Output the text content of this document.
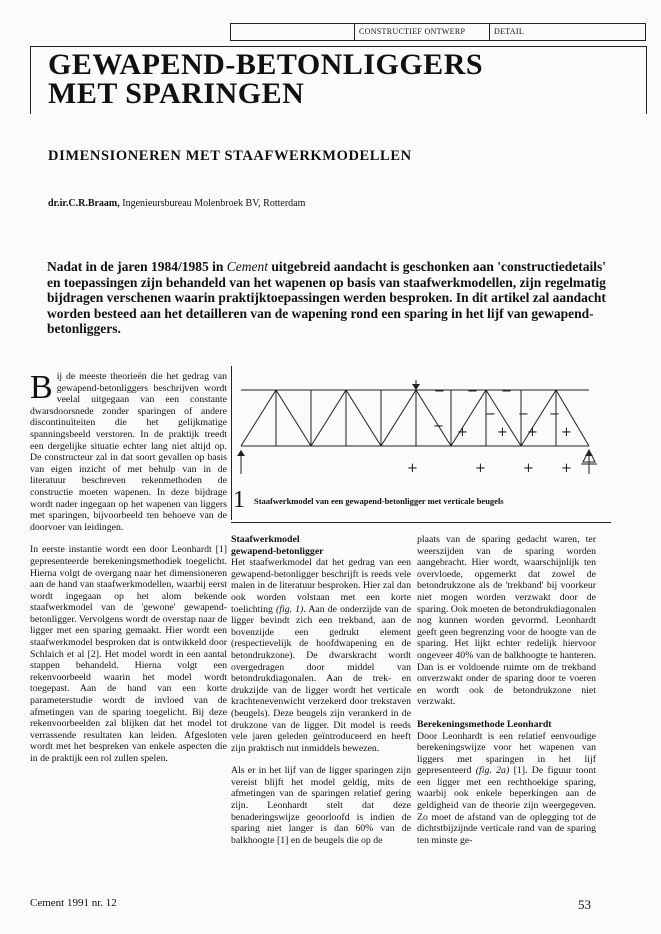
CONSTRUCTIEF ONTWERP	DETAIL
GEWAPEND-BETONLIGGERS
MET SPARINGEN
DIMENSIONEREN MET STAAFWERKMODELLEN
dr.ir.C.R.Braam, Ingenieursbureau Molenbroek BV, Rotterdam
Nadat in de jaren 1984/1985 in Cement uitgebreid aandacht is geschonken aan 'constructiedetails' en toepassingen zijn behandeld van het wapenen op basis van staafwerkmodellen, zijn regelmatig bijdragen verschenen waarin praktijktoepassingen werden besproken. In dit artikel zal aandacht worden besteed aan het detailleren van de wapening rond een sparing in het lijf van gewapend-betonliggers.

Bij de meeste theorieën die het gedrag van gewapend-betonliggers beschrijven wordt veelal uitgegaan van een constante dwarsdoorsnede zonder sparingen of andere discontinuïteiten die het gelijkmatige spanningsbeeld verstoren. In de praktijk treedt een dergelijke situatie echter lang niet altijd op. De constructeur zal in dat soort gevallen op basis van eigen inzicht of met behulp van in de literatuur beschreven rekenmethoden de constructie moeten wapenen. In deze bijdrage wordt nader ingegaan op het wapenen van liggers met sparingen, bijvoorbeeld ten behoeve van de doorvoer van leidingen.

In eerste instantie wordt een door Leonhardt [1] gepresenteerde berekeningsmethodiek toegelicht. Hierna volgt de overgang naar het dimensioneren aan de hand van staafwerkmodellen, waarbij eerst wordt ingegaan op het alom bekende staafwerkmodel van de 'gewone' gewapend-betonligger. Vervolgens wordt de overstap naar de ligger met een sparing gemaakt. Hier wordt een staafwerkmodel besproken dat is ontwikkeld door Schlaich et al [2]. Het model wordt in een aantal stappen behandeld. Hierna volgt een rekenvoorbeeld waarin het model wordt toegepast. Aan de hand van een korte parameterstudie wordt de invloed van de afmetingen van de sparing toegelicht. Bij deze rekenvoorbeelden zal blijken dat het model tot verrassende resultaten kan leiden. Afgesloten wordt met het bespreken van enkele aspecten die in de praktijk een rol zullen spelen.

− − −
−
− − −
+ + + +
+	+	+ +
1 Staafwerkmodel van een gewapend-betonligger met verticale beugels

Staafwerkmodel

gewapend-betonligger

Het staafwerkmodel dat het gedrag van een gewapend-betonligger beschrijft is reeds vele malen in de literatuur besproken. Hier zal dan ook worden volstaan met een korte toelichting (fig. 1). Aan de onderzijde van de ligger bevindt zich een trekband, aan de bovenzijde een gedrukt element (respectievelijk de hoofdwapening en de betondrukzone). De dwarskracht wordt overgedragen door middel van betondrukdiagonalen. Aan de trek- en drukzijde van de ligger wordt het verticale krachtenevenwicht verzekerd door trekstaven (beugels). Deze beugels zijn verankerd in de drukzone van de ligger. Dit model is reeds vele jaren geleden geïntroduceerd en heeft zijn praktisch nut inmiddels bewezen.

Als er in het lijf van de ligger sparingen zijn vereist blijft het model geldig, mits de afmetingen van de sparingen relatief gering zijn. Leonhardt stelt dat deze benaderingswijze geoorloofd is indien de sparing niet langer is dan 60% van de balkhoogte [1] en de beugels die op de

plaats van de sparing gedacht waren, ter weerszijden van de sparing worden aangebracht. Hier wordt, waarschijnlijk ten overvloede, opgemerkt dat zowel de betondrukzone als de 'trekband' bij voorkeur niet mogen worden verzwakt door de sparing. Ook moeten de betondrukdiagonalen nog kunnen worden gevormd. Leonhardt geeft geen begrenzing voor de hoogte van de sparing. Het lijkt echter redelijk hiervoor ongeveer 40% van de balkhoogte te hanteren. Dan is er voldoende ruimte om de trekband onverzwakt onder de sparing door te voeren en wordt ook de betondrukzone niet verzwakt.

Berekeningsmethode Leonhardt

Door Leonhardt is een relatief eenvoudige berekeningswijze voor het wapenen van liggers met sparingen in het lijf gepresenteerd (fig. 2a) [1]. De figuur toont een ligger met een rechthoekige sparing, waarbij ook enkele beperkingen aan de geldigheid van de theorie zijn weergegeven. Zo moet de afstand van de oplegging tot de dichtstbijzijnde verticale rand van de sparing ten minste ge-

Cement 1991 nr. 12	53
